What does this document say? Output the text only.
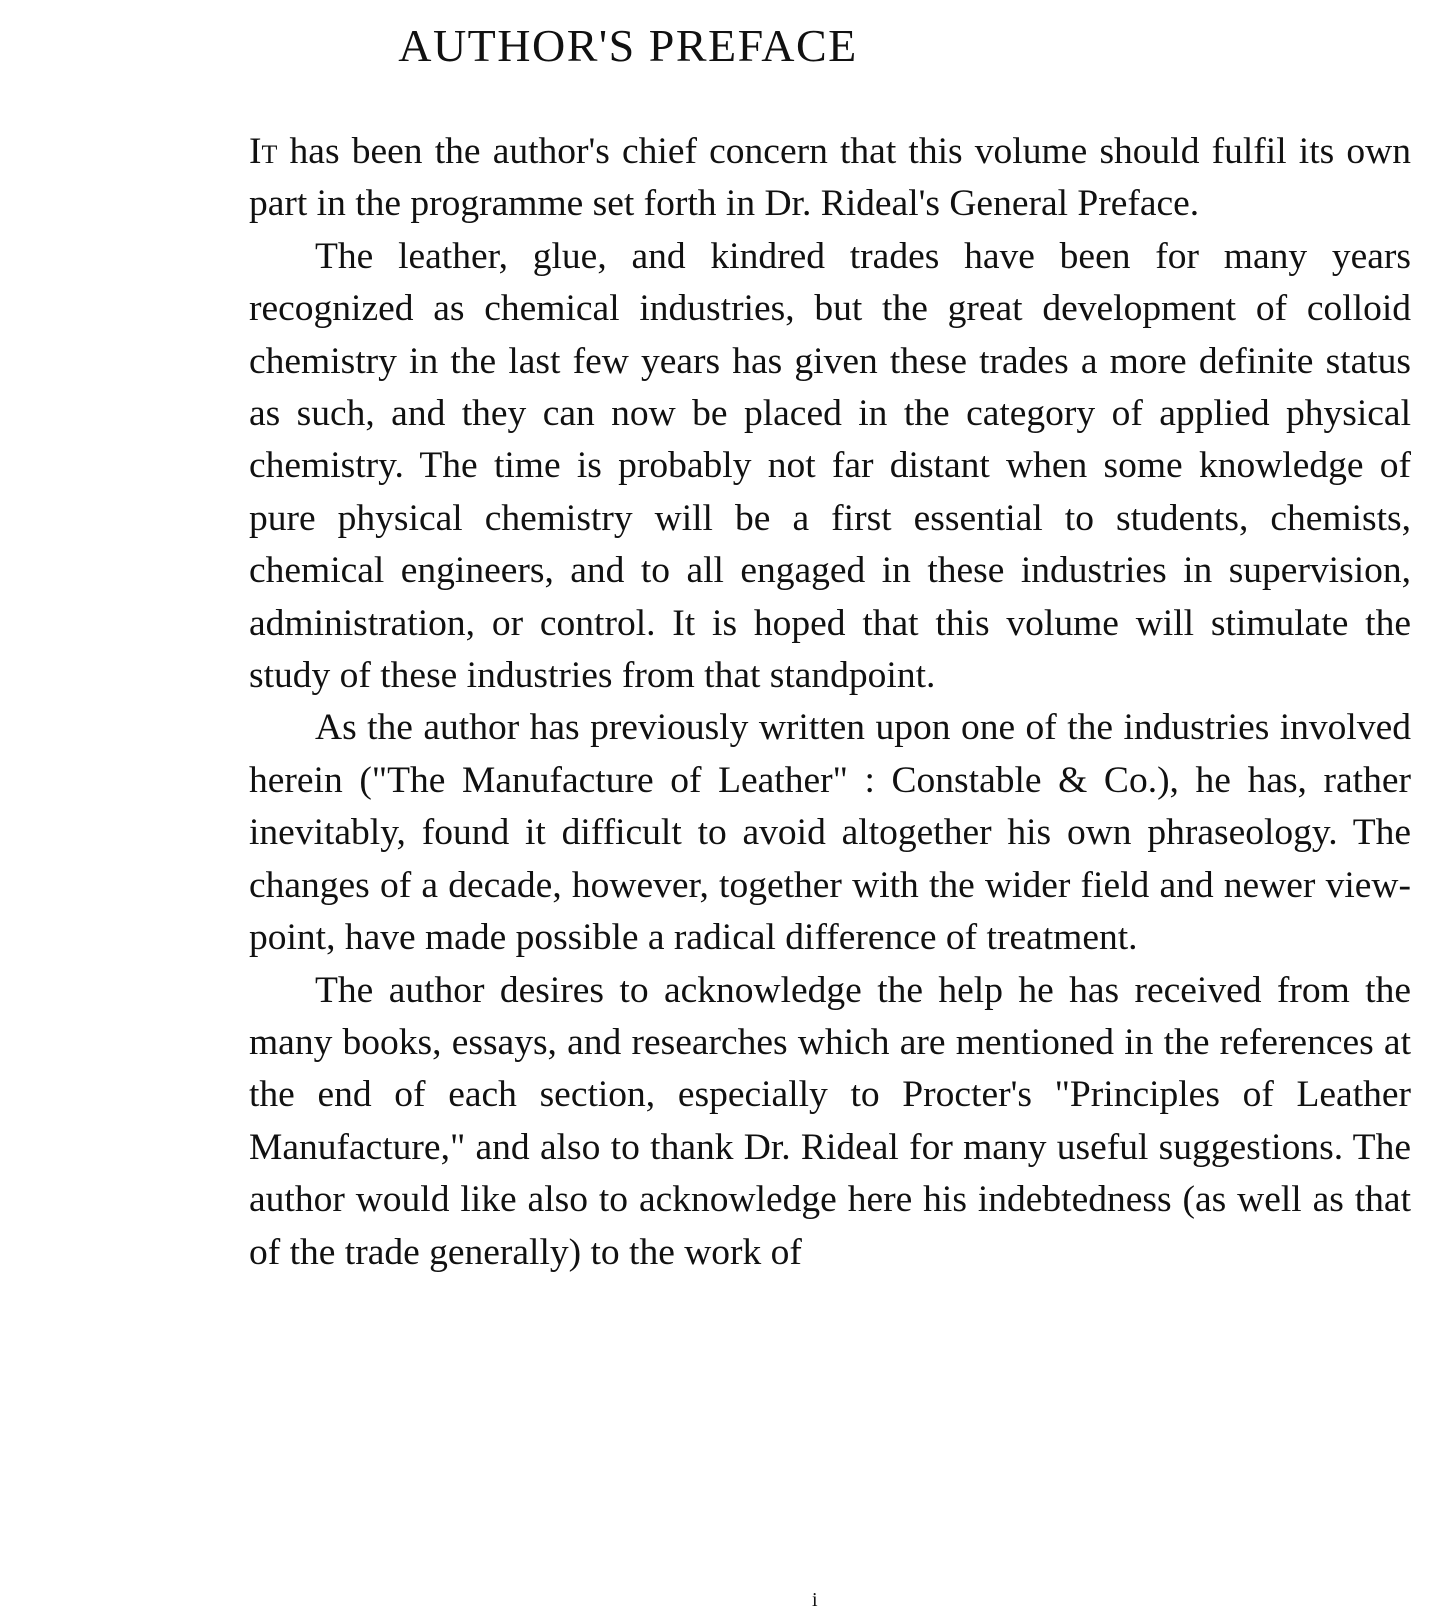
AUTHOR'S PREFACE

It has been the author's chief concern that this volume should fulfil its own part in the programme set forth in Dr. Rideal's General Preface.

The leather, glue, and kindred trades have been for many years recognized as chemical industries, but the great development of colloid chemistry in the last few years has given these trades a more definite status as such, and they can now be placed in the category of applied physical chemistry. The time is probably not far distant when some knowledge of pure physical chemistry will be a first essential to students, chemists, chemical engineers, and to all engaged in these industries in supervision, administration, or control. It is hoped that this volume will stimulate the study of these industries from that standpoint.

As the author has previously written upon one of the industries involved herein ("The Manufacture of Leather" : Constable & Co.), he has, rather inevitably, found it difficult to avoid altogether his own phraseology. The changes of a decade, however, together with the wider field and newer view-point, have made possible a radical difference of treatment.

The author desires to acknowledge the help he has received from the many books, essays, and researches which are mentioned in the references at the end of each section, especially to Procter's "Principles of Leather Manufacture," and also to thank Dr. Rideal for many useful suggestions. The author would like also to acknowledge here his indebtedness (as well as that of the trade generally) to the work of

i
